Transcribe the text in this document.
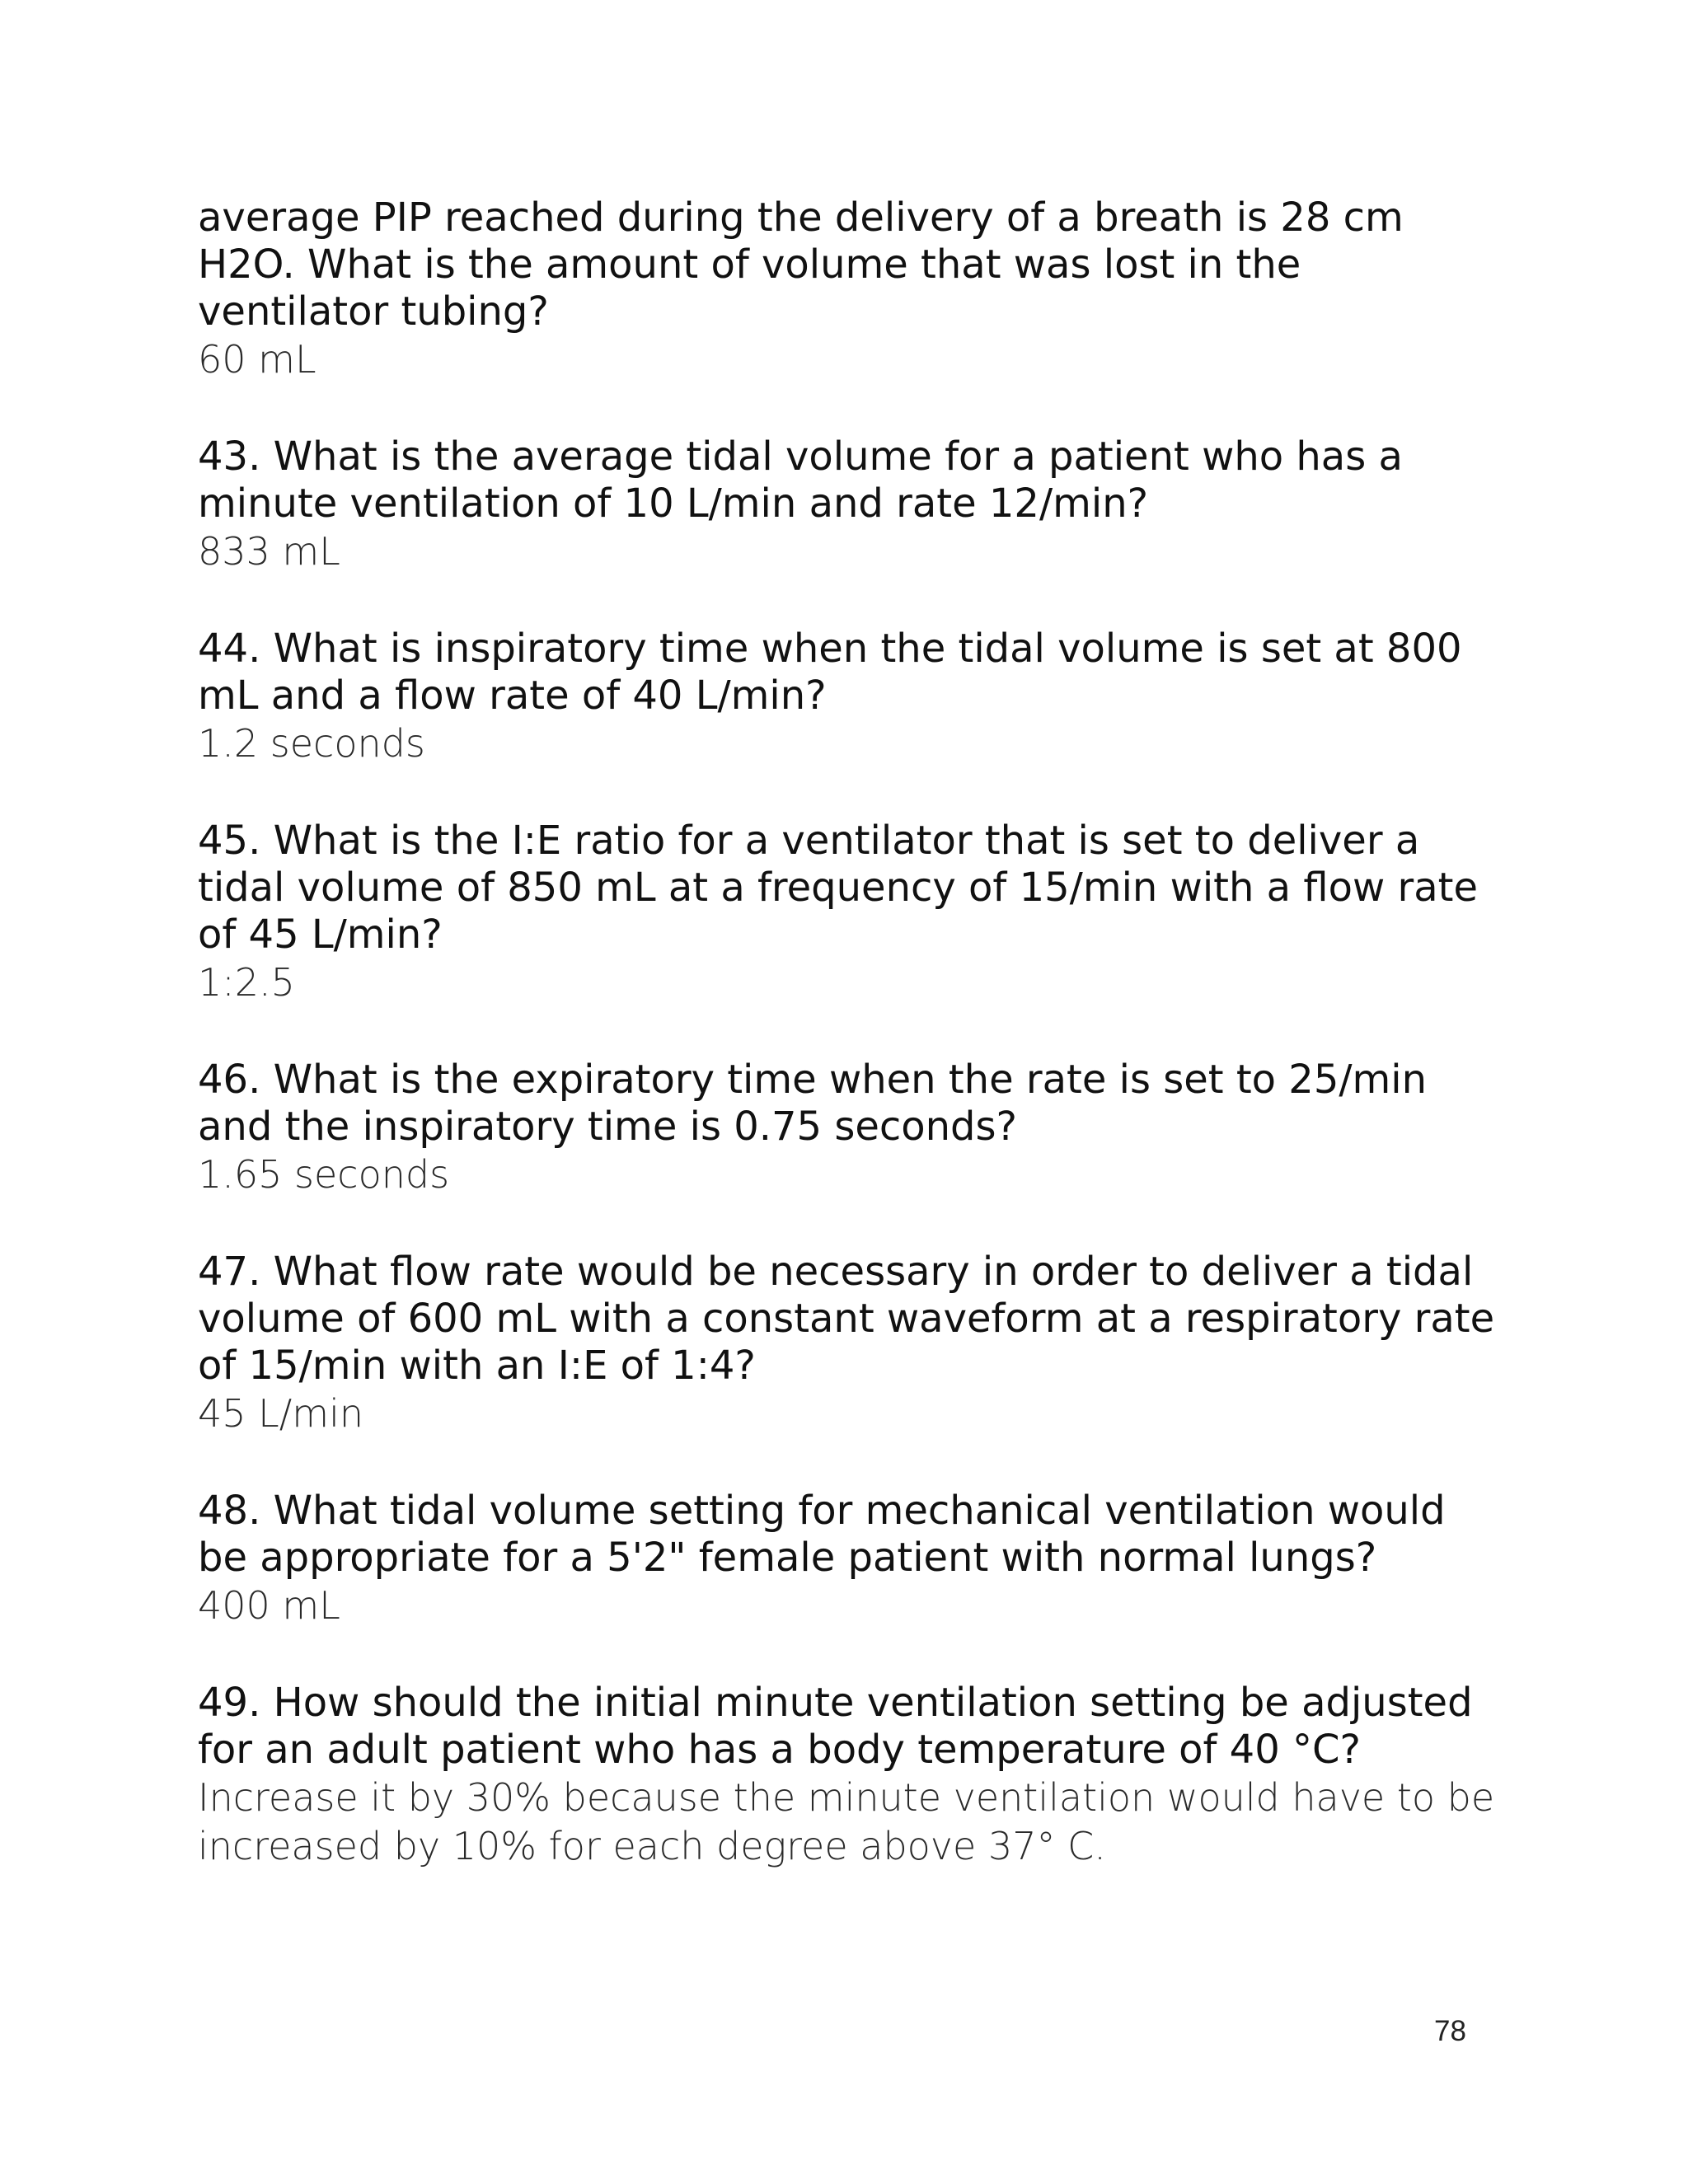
average PIP reached during the delivery of a breath is 28 cm H2O. What is the amount of volume that was lost in the ventilator tubing?

60 mL

43. What is the average tidal volume for a patient who has a minute ventilation of 10 L/min and rate 12/min?

833 mL

44. What is inspiratory time when the tidal volume is set at 800 mL and a flow rate of 40 L/min?

1.2 seconds

45. What is the I:E ratio for a ventilator that is set to deliver a tidal volume of 850 mL at a frequency of 15/min with a flow rate of 45 L/min?

1:2.5

46. What is the expiratory time when the rate is set to 25/min and the inspiratory time is 0.75 seconds?

1.65 seconds

47. What flow rate would be necessary in order to deliver a tidal volume of 600 mL with a constant waveform at a respiratory rate of 15/min with an I:E of 1:4?

45 L/min

48. What tidal volume setting for mechanical ventilation would be appropriate for a 5'2" female patient with normal lungs?

400 mL

49. How should the initial minute ventilation setting be adjusted for an adult patient who has a body temperature of 40 °C?

Increase it by 30% because the minute ventilation would have to be increased by 10% for each degree above 37° C.

78
